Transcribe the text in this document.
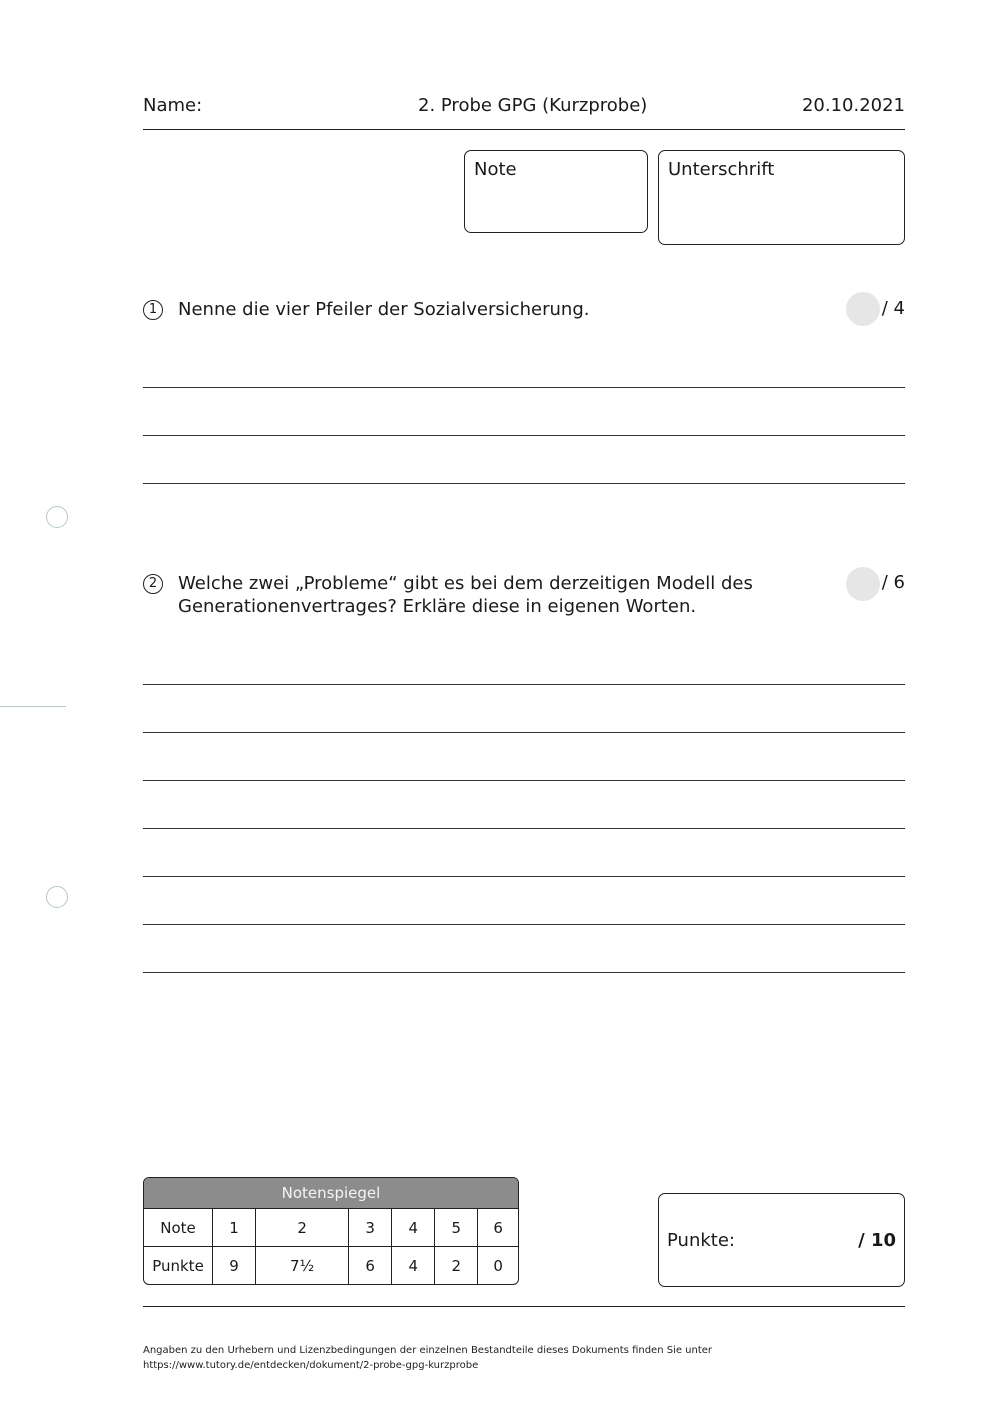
Name:	2. Probe GPG (Kurzprobe)	20.10.2021
Note	Unterschrift
1	Nenne die vier Pfeiler der Sozialversicherung.	/ 4
2	Welche zwei „Probleme“ gibt es bei dem derzeitigen Modell des
Generationenvertrages? Erkläre diese in eigenen Worten.
/ 6
Notenspiegel						
Note	1	2	3	4	5	6
Punkte	9	7½	6	4	2	0
Punkte:	/ 10
Angaben zu den Urhebern und Lizenzbedingungen der einzelnen Bestandteile dieses Dokuments finden Sie unter
https://www.tutory.de/entdecken/dokument/2-probe-gpg-kurzprobe
